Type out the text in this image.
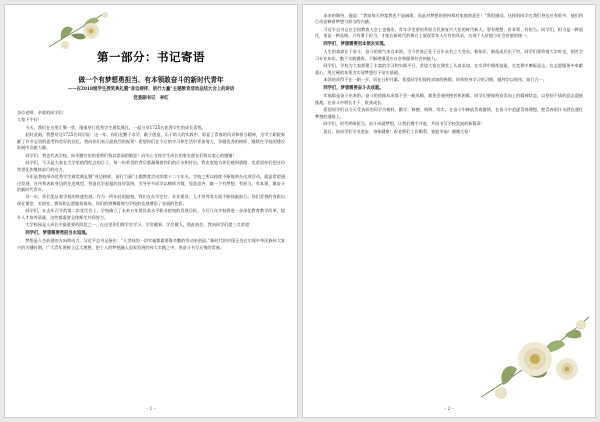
第一部分：书记寄语
做一个有梦想勇担当、有本领敢奋斗的新时代青年
——在2018级学生授奖典礼暨“身边榜样，前行力量”主题教育活动总结大会上的讲话
党委副书记　李红

各位老师、亲爱的同学们：

大家下午好！

今天，我们在这里汇聚一堂，隆重举行优秀学生颁奖典礼，一起分享1725名优秀学生的成长喜悦。

此时此刻，我想对这1725名同学说：这一年，你们在勤于求学、敢于创造、乐于助人的实践中，彰显了青春的风采和担当精神，为学工职院奉献了许多宝贵的思考和美好的回忆。我向你们表示最热烈的祝贺！希望你们在今后的学习和生活中更加努力，争做优秀的榜样，继续在学校的建设发展中贡献力量。

同学们，我也代表学校，向辛勤付出的老师们致以崇高的敬意！向关心支持学生成长的家长朋友们致以衷心的感谢！

同学们，今天是大家在大学里值得纪念的日子，每一份荣誉的背后都凝聚着你们的汗水和付出。我由衷地为你们感到骄傲，也希望你们把这份荣誉化作继续前行的动力。

今年是我校举办优秀学生颁奖典礼暨“身边榜样，前行力量”主题教育活动的第十二个年头。学校之所以持续不断地举办这项活动，就是希望通过发现、宣传和表彰身边的先进典型，营造比学赶超的良好氛围，引导更多同学以榜样为镜，见贤思齐，做一个有梦想、有担当、有本领、敢奋斗的新时代青年。

这一年，你们见证着学校的快速发展。作为一所年轻的院校，我们在办学定位、专业建设、人才培养等方面不断探索前行。你们青春的身影出现在课堂、实训室、赛场和志愿服务现场，你们的拼搏精神为学校的发展增添了亮丽的色彩。

同学们，在去年召开的第二次党代会上，学校确立了未来五年建设高水平职业院校的发展目标。今后几年学校将进一步深化教育教学改革，提升人才培养质量，这些都需要全体师生共同努力。

大学校园是人成长中最重要的阶段之一，在这里你们将学会学习、学会做事、学会做人。借此机会，我向同学们提三点希望：

同学们，梦想需要勇担当去追逐。

梦想是人生前进的方向和动力。习近平总书记指出：“人世间的一切幸福都需要靠辛勤的劳动来创造。”新时代的中国正处在实现中华民族伟大复兴的关键时期，广大青年要树立远大理想，把个人的梦想融入国家发展的伟大实践之中，用奋斗书写无悔的青春。

- 1 -

未来的期待，他说：“我家每天吵架我也不是麻烦，而是对梦想的坚持和对家庭的责任！”我很感动。这样的同学在我们身边还有很多，他们用行动诠释着梦想与担当的内涵。

习近平总书记在全国教育大会上也指出，青年学生要培养担当民族复兴大任的时代新人，要有理想、有本领、有担当。同学们，担当是一种责任，更是一种品格。只有勇于担当，才能在新时代的舞台上展现青年人应有的风采，实现个人价值与社会价值的统一。

同学们，梦想需要用本领去实现。

人生的真谛在于奋斗，奋斗的底气来自本领。当今世界正处于百年未有之大变局，新知识、新技术层出不穷，同学们要珍惜大学时光，刻苦学习专业知识，勤于实践锻炼，不断增强适应社会和服务社会的能力。

同学们，学校为大家搭建了丰富的学习和实践平台，希望大家在课堂上认真求知，在实训中锤炼技能，在竞赛中磨砺意志，在志愿服务中奉献爱心，用过硬的本领为实现梦想打下坚实基础。

本领的获得不在一朝一夕，而在日积月累。希望同学们保持求知的热情，培养终身学习的习惯，做到学以致用、知行合一。

同学们，梦想需要奋斗去成就。

幸福都是奋斗出来的。奋斗的道路从来都不会一帆风顺，难免会遇到挫折和困难。同学们要保持奋发向上的精神状态，以坚韧不拔的意志迎接挑战，在奋斗中增长才干、收获成长。

希望同学们以今天受表彰的同学为榜样，勤学、修德、明辨、笃实，在奋斗中释放青春激情，在奋斗中追逐青春理想，把青春的汗水洒在通往梦想的道路上。

同学们，时代呼唤担当，奋斗成就梦想。让我们携手并进，共同书写学校发展的新篇章！

最后，祝同学们学业进步、身体健康！祝老师们工作顺利、家庭幸福！谢谢大家！

- 2 -
